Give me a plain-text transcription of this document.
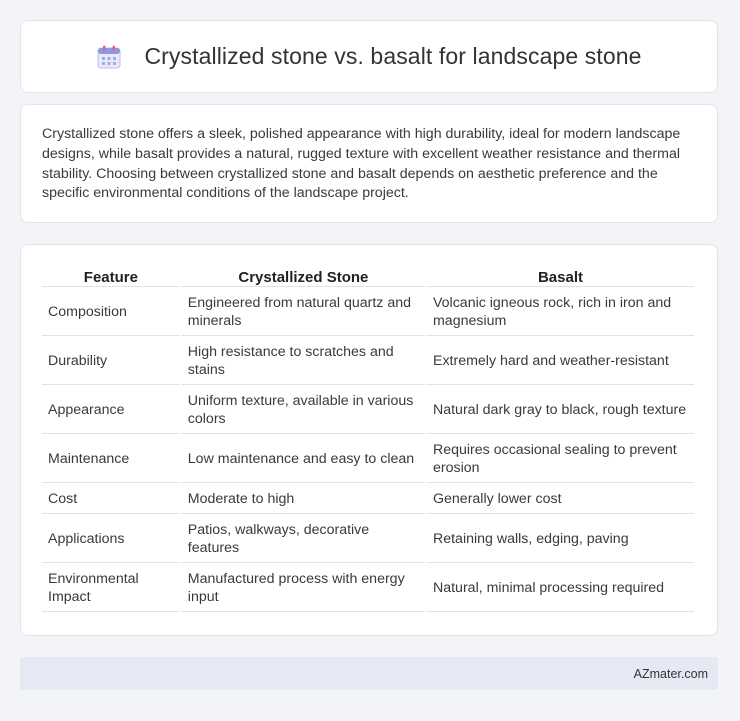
Crystallized stone vs. basalt for landscape stone

Crystallized stone offers a sleek, polished appearance with high durability, ideal for modern landscape designs, while basalt provides a natural, rugged texture with excellent weather resistance and thermal stability. Choosing between crystallized stone and basalt depends on aesthetic preference and the specific environmental conditions of the landscape project.

Feature	Crystallized Stone	Basalt
Composition	Engineered from natural quartz and minerals	Volcanic igneous rock, rich in iron and magnesium
Durability	High resistance to scratches and stains	Extremely hard and weather-resistant
Appearance	Uniform texture, available in various colors	Natural dark gray to black, rough texture
Maintenance	Low maintenance and easy to clean	Requires occasional sealing to prevent erosion
Cost	Moderate to high	Generally lower cost
Applications	Patios, walkways, decorative features	Retaining walls, edging, paving
Environmental Impact	Manufactured process with energy input	Natural, minimal processing required
AZmater.com
